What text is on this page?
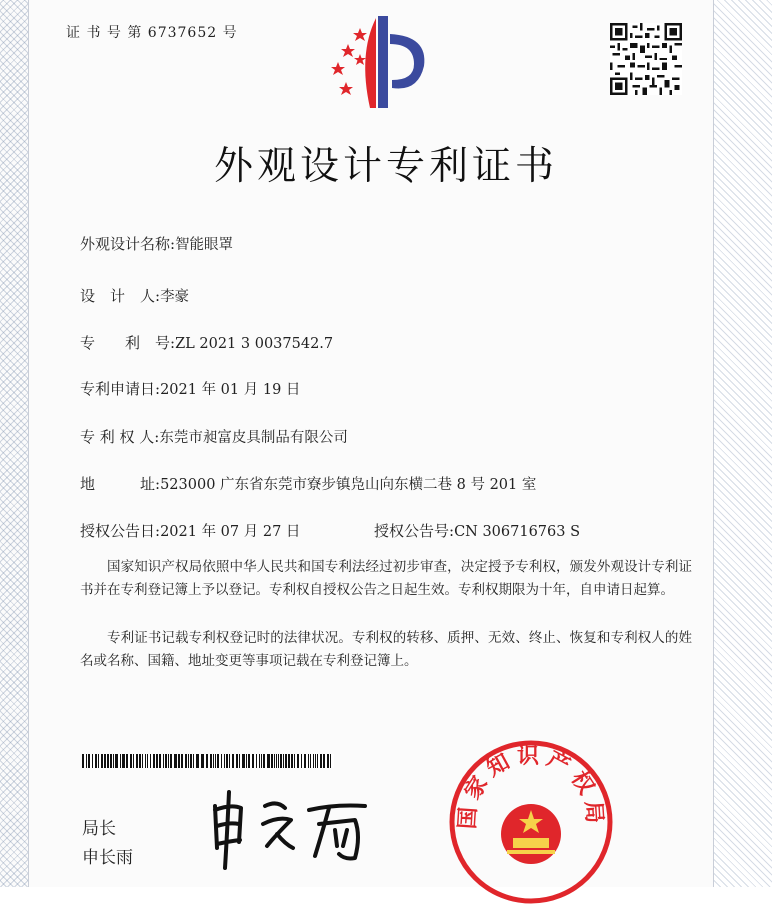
证 书 号 第 6737652 号
外观设计专利证书
外观设计名称:智能眼罩
设　计　人:李豪
专　　利　号:ZL 2021 3 0037542.7
专利申请日:2021 年 01 月 19 日
专 利 权 人:东莞市昶富皮具制品有限公司
地　　　址:523000 广东省东莞市寮步镇凫山向东横二巷 8 号 201 室
授权公告日:2021 年 07 月 27 日	授权公告号:CN 306716763 S
国家知识产权局依照中华人民共和国专利法经过初步审查，决定授予专利权，颁发外观设计专利证书并在专利登记簿上予以登记。专利权自授权公告之日起生效。专利权期限为十年，自申请日起算。
专利证书记载专利权登记时的法律状况。专利权的转移、质押、无效、终止、恢复和专利权人的姓名或名称、国籍、地址变更等事项记载在专利登记簿上。
局长
申长雨
国家知识产权局
